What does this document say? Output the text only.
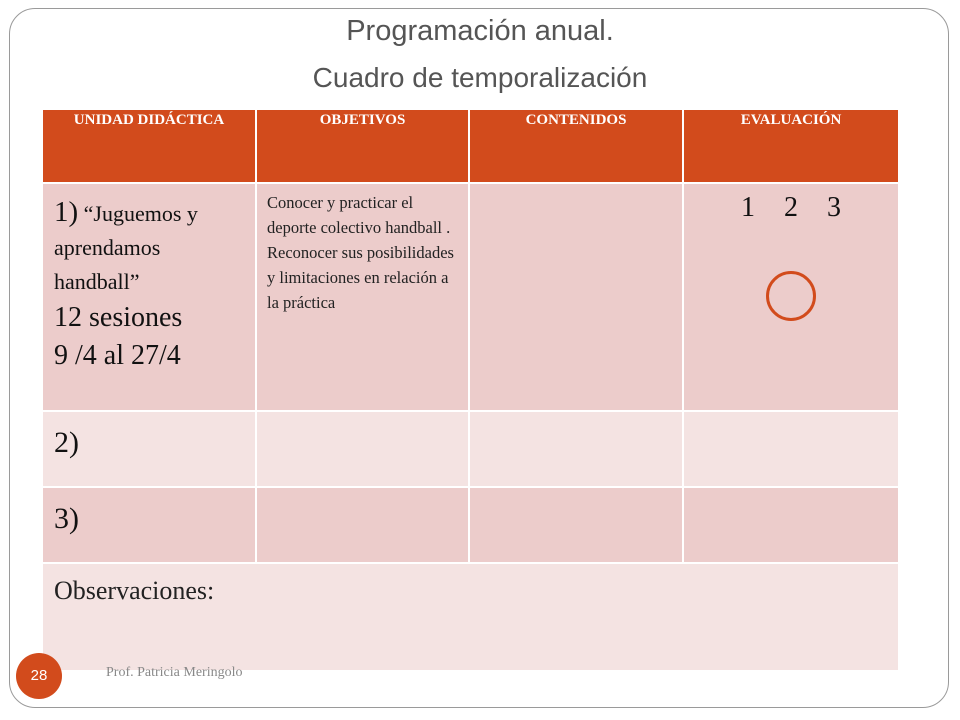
Programación anual.
Cuadro de temporalización
UNIDAD DIDÁCTICA	OBJETIVOS	CONTENIDOS	EVALUACIÓN

1) “Juguemos y
aprendamos handball”
12 sesiones
9 /4 al 27/4	Conocer y practicar el deporte colectivo handball . Reconocer sus posibilidades y limitaciones en relación a la práctica		1 2 3

2)			

3)			

Observaciones:			
28	Prof. Patricia Meringolo
